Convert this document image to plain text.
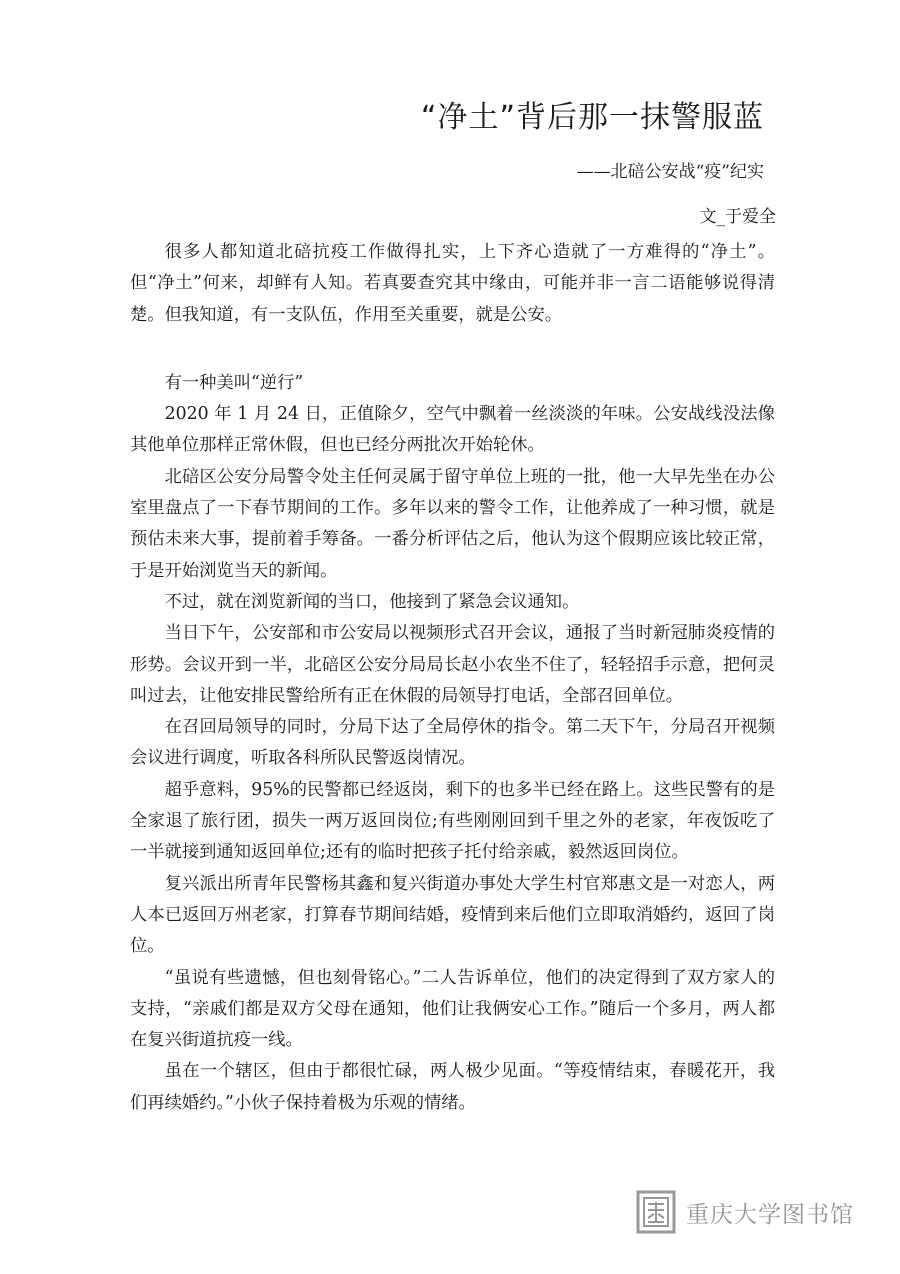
“净土”背后那一抹警服蓝
——北碚公安战“疫”纪实
文_于爱全

很多人都知道北碚抗疫工作做得扎实，上下齐心造就了一方难得的“净土”。但“净土”何来，却鲜有人知。若真要查究其中缘由，可能并非一言二语能够说得清楚。但我知道，有一支队伍，作用至关重要，就是公安。

有一种美叫“逆行”

2020 年 1 月 24 日，正值除夕，空气中飘着一丝淡淡的年味。公安战线没法像其他单位那样正常休假，但也已经分两批次开始轮休。

北碚区公安分局警令处主任何灵属于留守单位上班的一批，他一大早先坐在办公室里盘点了一下春节期间的工作。多年以来的警令工作，让他养成了一种习惯，就是预估未来大事，提前着手筹备。一番分析评估之后，他认为这个假期应该比较正常，于是开始浏览当天的新闻。

不过，就在浏览新闻的当口，他接到了紧急会议通知。

当日下午，公安部和市公安局以视频形式召开会议，通报了当时新冠肺炎疫情的形势。会议开到一半，北碚区公安分局局长赵小农坐不住了，轻轻招手示意，把何灵叫过去，让他安排民警给所有正在休假的局领导打电话，全部召回单位。

在召回局领导的同时，分局下达了全局停休的指令。第二天下午，分局召开视频会议进行调度，听取各科所队民警返岗情况。

超乎意料，95%的民警都已经返岗，剩下的也多半已经在路上。这些民警有的是全家退了旅行团，损失一两万返回岗位;有些刚刚回到千里之外的老家，年夜饭吃了一半就接到通知返回单位;还有的临时把孩子托付给亲戚，毅然返回岗位。

复兴派出所青年民警杨其鑫和复兴街道办事处大学生村官郑惠文是一对恋人，两人本已返回万州老家，打算春节期间结婚，疫情到来后他们立即取消婚约，返回了岗位。

“虽说有些遗憾，但也刻骨铭心。”二人告诉单位，他们的决定得到了双方家人的支持，“亲戚们都是双方父母在通知，他们让我俩安心工作。”随后一个多月，两人都在复兴街道抗疫一线。

虽在一个辖区，但由于都很忙碌，两人极少见面。“等疫情结束，春暖花开，我们再续婚约。”小伙子保持着极为乐观的情绪。

重庆大学图书馆
